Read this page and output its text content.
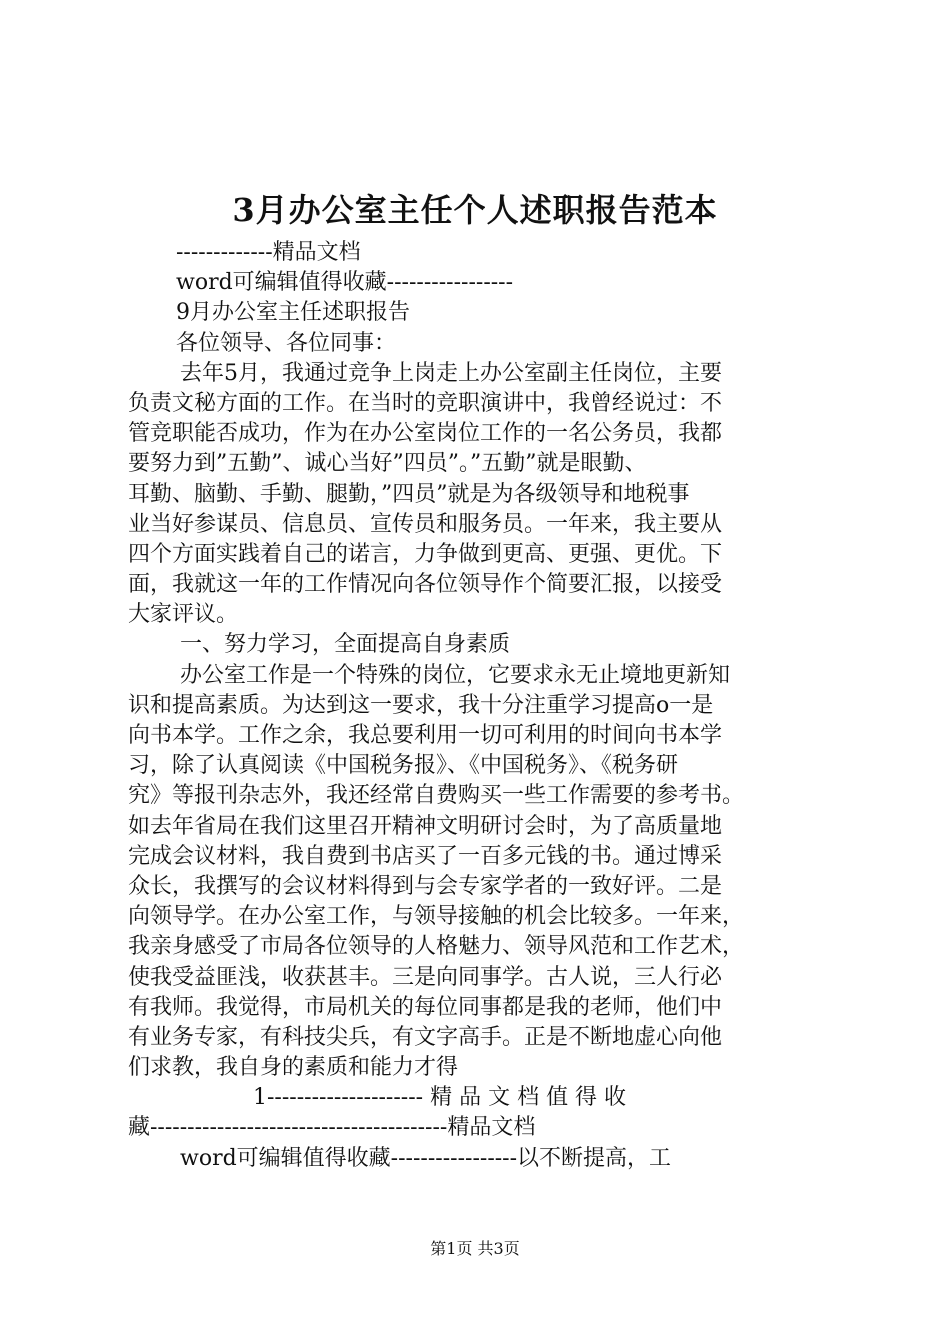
3月办公室主任个人述职报告范本
-------------精品文档
word可编辑值得收藏-----------------
9月办公室主任述职报告
各位领导、各位同事：
去年5月，我通过竞争上岗走上办公室副主任岗位，主要
负责文秘方面的工作。在当时的竞职演讲中，我曾经说过：不
管竞职能否成功，作为在办公室岗位工作的一名公务员，我都
要努力到”五勤”、诚心当好”四员”。”五勤”就是眼勤、
耳勤、脑勤、手勤、腿勤，”四员”就是为各级领导和地税事
业当好参谋员、信息员、宣传员和服务员。一年来，我主要从
四个方面实践着自己的诺言，力争做到更高、更强、更优。下
面，我就这一年的工作情况向各位领导作个简要汇报，以接受
大家评议。
一、努力学习，全面提高自身素质
办公室工作是一个特殊的岗位，它要求永无止境地更新知
识和提高素质。为达到这一要求，我十分注重学习提高o一是
向书本学。工作之余，我总要利用一切可利用的时间向书本学
习，除了认真阅读《中国税务报》、《中国税务》、《税务研
究》等报刊杂志外，我还经常自费购买一些工作需要的参考书。
如去年省局在我们这里召开精神文明研讨会时，为了高质量地
完成会议材料，我自费到书店买了一百多元钱的书。通过博采
众长，我撰写的会议材料得到与会专家学者的一致好评。二是
向领导学。在办公室工作，与领导接触的机会比较多。一年来，
我亲身感受了市局各位领导的人格魅力、领导风范和工作艺术，
使我受益匪浅，收获甚丰。三是向同事学。古人说，三人行必
有我师。我觉得，市局机关的每位同事都是我的老师，他们中
有业务专家，有科技尖兵，有文字高手。正是不断地虚心向他
们求教，我自身的素质和能力才得
1--------------------- 精 品 文 档 值 得 收
藏----------------------------------------精品文档
word可编辑值得收藏-----------------以不断提高，工
第1页 共3页
